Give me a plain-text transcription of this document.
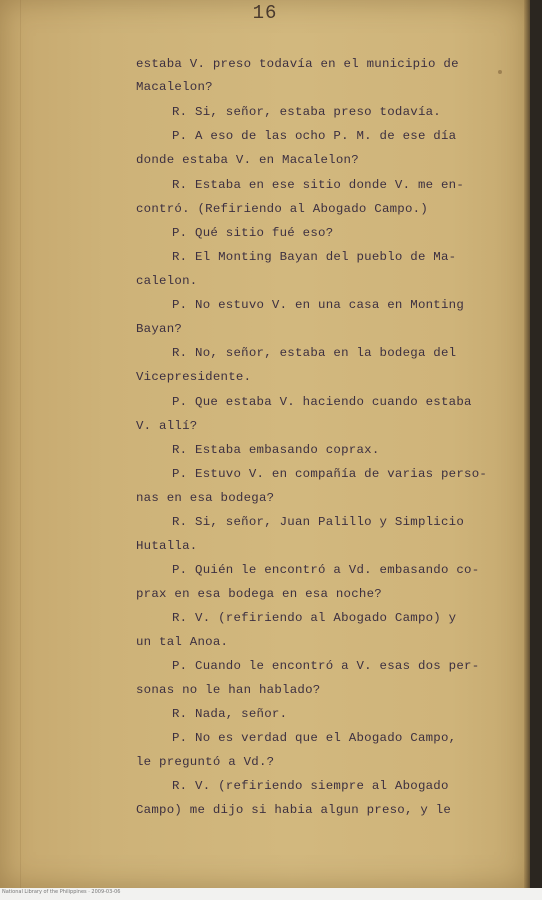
16
estaba V. preso todavía en el municipio de
Macalelon?
R. Si, señor, estaba preso todavía.
P. A eso de las ocho P. M. de ese día
donde estaba V. en Macalelon?
R. Estaba en ese sitio donde V. me en-
contró. (Refiriendo al Abogado Campo.)
P. Qué sitio fué eso?
R. El Monting Bayan del pueblo de Ma-
calelon.
P. No estuvo V. en una casa en Monting
Bayan?
R. No, señor, estaba en la bodega del
Vicepresidente.
P. Que estaba V. haciendo cuando estaba
V. allí?
R. Estaba embasando coprax.
P. Estuvo V. en compañía de varias perso-
nas en esa bodega?
R. Si, señor, Juan Palillo y Simplicio
Hutalla.
P. Quién le encontró a Vd. embasando co-
prax en esa bodega en esa noche?
R. V. (refiriendo al Abogado Campo) y
un tal Anoa.
P. Cuando le encontró a V. esas dos per-
sonas no le han hablado?
R. Nada, señor.
P. No es verdad que el Abogado Campo,
le preguntó a Vd.?
R. V. (refiriendo siempre al Abogado
Campo) me dijo si habia algun preso, y le
National Library of the Philippines · 2009-03-06
